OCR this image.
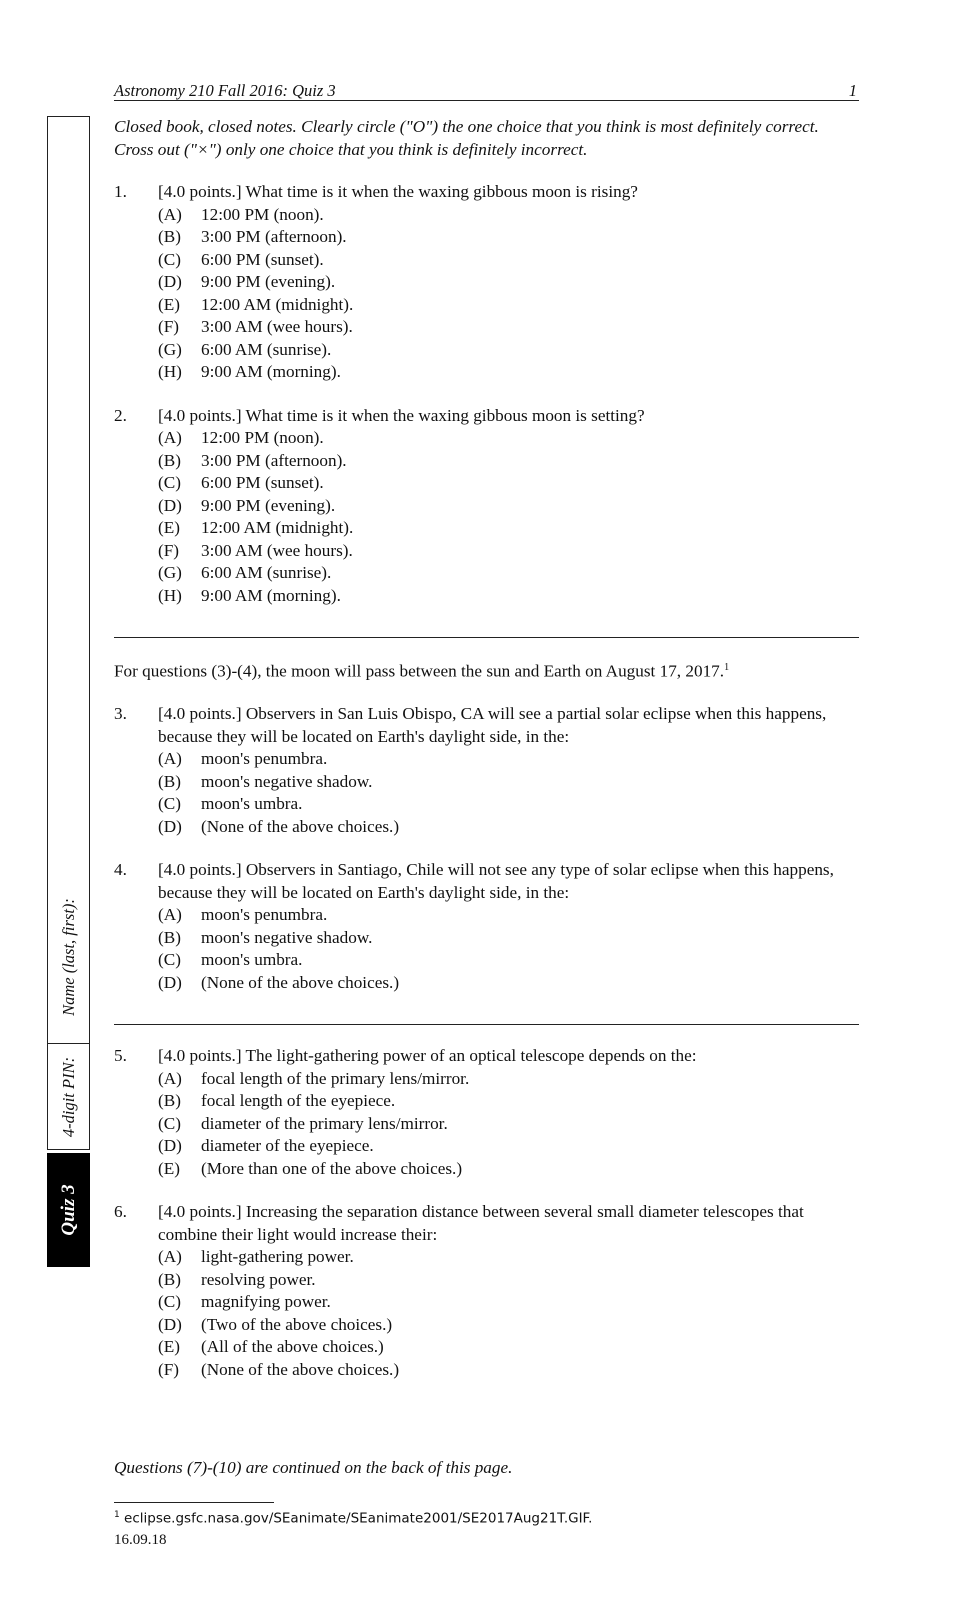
Astronomy 210 Fall 2016: Quiz 3	1
Name (last, first):
4-digit PIN:
Quiz 3

Closed book, closed notes. Clearly circle ("O") the one choice that you think is most definitely correct. Cross out ("×") only one choice that you think is definitely incorrect.

1. [4.0 points.] What time is it when the waxing gibbous moon is rising?

(A)	12:00 PM (noon).
(B)	3:00 PM (afternoon).
(C)	6:00 PM (sunset).
(D)	9:00 PM (evening).
(E)	12:00 AM (midnight).
(F)	3:00 AM (wee hours).
(G)	6:00 AM (sunrise).
(H)	9:00 AM (morning).
2. [4.0 points.] What time is it when the waxing gibbous moon is setting?

(A)	12:00 PM (noon).
(B)	3:00 PM (afternoon).
(C)	6:00 PM (sunset).
(D)	9:00 PM (evening).
(E)	12:00 AM (midnight).
(F)	3:00 AM (wee hours).
(G)	6:00 AM (sunrise).
(H)	9:00 AM (morning).

For questions (3)-(4), the moon will pass between the sun and Earth on August 17, 2017.$^1$

3. [4.0 points.] Observers in San Luis Obispo, CA will see a partial solar eclipse when this happens, because they will be located on Earth's daylight side, in the:

(A)	moon's penumbra.
(B)	moon's negative shadow.
(C)	moon's umbra.
(D)	(None of the above choices.)
4. [4.0 points.] Observers in Santiago, Chile will not see any type of solar eclipse when this happens, because they will be located on Earth's daylight side, in the:

(A)	moon's penumbra.
(B)	moon's negative shadow.
(C)	moon's umbra.
(D)	(None of the above choices.)
5. [4.0 points.] The light-gathering power of an optical telescope depends on the:

(A)	focal length of the primary lens/mirror.
(B)	focal length of the eyepiece.
(C)	diameter of the primary lens/mirror.
(D)	diameter of the eyepiece.
(E)	(More than one of the above choices.)
6. [4.0 points.] Increasing the separation distance between several small diameter telescopes that combine their light would increase their:

(A)	light-gathering power.
(B)	resolving power.
(C)	magnifying power.
(D)	(Two of the above choices.)
(E)	(All of the above choices.)
(F)	(None of the above choices.)
Questions (7)-(10) are continued on the back of this page.
$^1$ eclipse.gsfc.nasa.gov/SEanimate/SEanimate2001/SE2017Aug21T.GIF.
16.09.18
